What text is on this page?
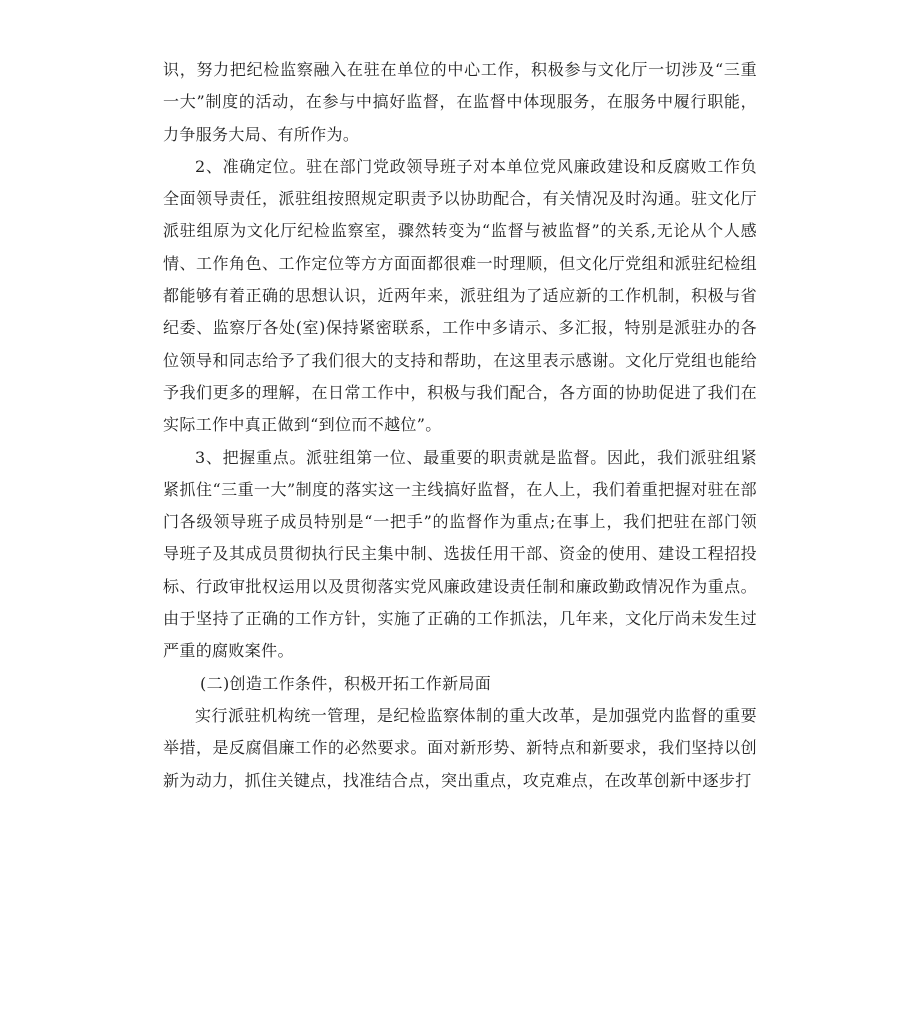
识，努力把纪检监察融入在驻在单位的中心工作，积极参与文化厅一切涉及“三重一大”制度的活动，在参与中搞好监督，在监督中体现服务，在服务中履行职能，力争服务大局、有所作为。

2、准确定位。驻在部门党政领导班子对本单位党风廉政建设和反腐败工作负全面领导责任，派驻组按照规定职责予以协助配合，有关情况及时沟通。驻文化厅派驻组原为文化厅纪检监察室，骤然转变为“监督与被监督”的关系,无论从个人感情、工作角色、工作定位等方方面面都很难一时理顺，但文化厅党组和派驻纪检组都能够有着正确的思想认识，近两年来，派驻组为了适应新的工作机制，积极与省纪委、监察厅各处(室)保持紧密联系，工作中多请示、多汇报，特别是派驻办的各位领导和同志给予了我们很大的支持和帮助，在这里表示感谢。文化厅党组也能给予我们更多的理解，在日常工作中，积极与我们配合，各方面的协助促进了我们在实际工作中真正做到“到位而不越位”。

3、把握重点。派驻组第一位、最重要的职责就是监督。因此，我们派驻组紧紧抓住“三重一大”制度的落实这一主线搞好监督，在人上，我们着重把握对驻在部门各级领导班子成员特别是“一把手”的监督作为重点;在事上，我们把驻在部门领导班子及其成员贯彻执行民主集中制、选拔任用干部、资金的使用、建设工程招投标、行政审批权运用以及贯彻落实党风廉政建设责任制和廉政勤政情况作为重点。由于坚持了正确的工作方针，实施了正确的工作抓法，几年来，文化厅尚未发生过严重的腐败案件。

(二)创造工作条件，积极开拓工作新局面

实行派驻机构统一管理，是纪检监察体制的重大改革，是加强党内监督的重要举措，是反腐倡廉工作的必然要求。面对新形势、新特点和新要求，我们坚持以创新为动力，抓住关键点，找准结合点，突出重点，攻克难点，在改革创新中逐步打
